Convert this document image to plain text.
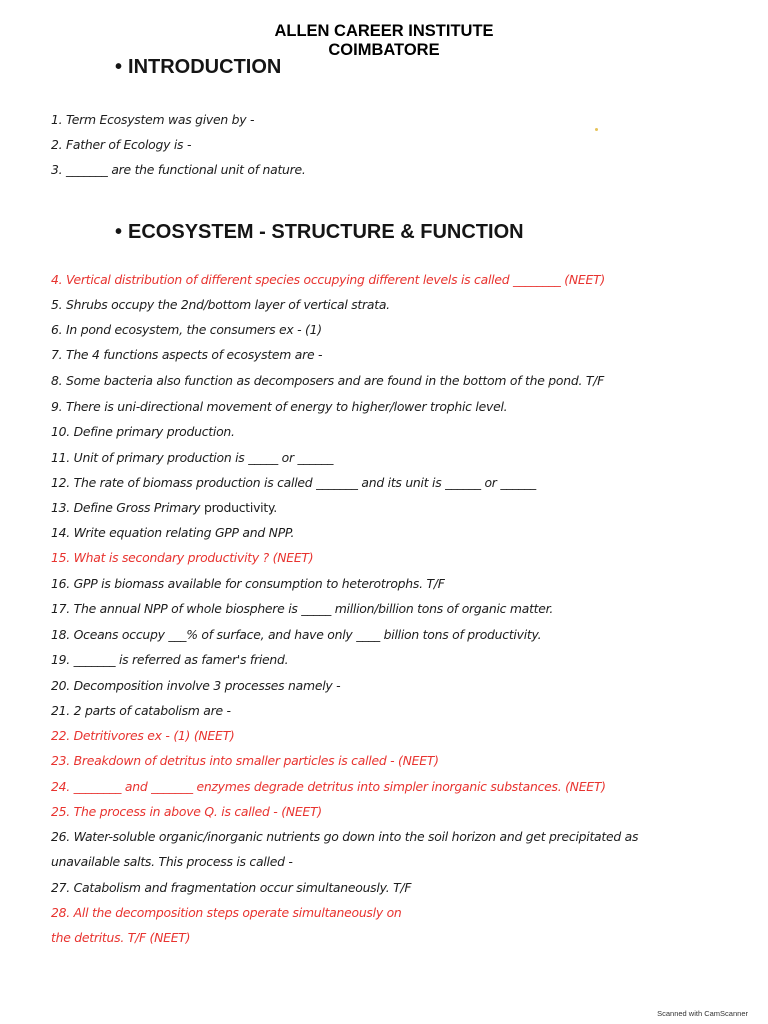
ALLEN CAREER INSTITUTE
COIMBATORE
• INTRODUCTION
1. Term Ecosystem was given by -
2. Father of Ecology is -
3. _______ are the functional unit of nature.
• ECOSYSTEM - STRUCTURE & FUNCTION
4. Vertical distribution of different species occupying different levels is called ________ (NEET)
5. Shrubs occupy the 2nd/bottom layer of vertical strata.
6. In pond ecosystem, the consumers ex - (1)
7. The 4 functions aspects of ecosystem are -
8. Some bacteria also function as decomposers and are found in the bottom of the pond. T/F
9. There is uni-directional movement of energy to higher/lower trophic level.
10. Define primary production.
11. Unit of primary production is _____ or ______
12. The rate of biomass production is called _______ and its unit is ______ or ______
13. Define Gross Primary productivity.
14. Write equation relating GPP and NPP.
15. What is secondary productivity ? (NEET)
16. GPP is biomass available for consumption to heterotrophs. T/F
17. The annual NPP of whole biosphere is _____ million/billion tons of organic matter.
18. Oceans occupy ___% of surface, and have only ____ billion tons of productivity.
19. _______ is referred as famer's friend.
20. Decomposition involve 3 processes namely -
21. 2 parts of catabolism are -
22. Detritivores ex - (1) (NEET)
23. Breakdown of detritus into smaller particles is called - (NEET)
24. ________ and _______ enzymes degrade detritus into simpler inorganic substances. (NEET)
25. The process in above Q. is called - (NEET)
26. Water-soluble organic/inorganic nutrients go down into the soil horizon and get precipitated as
unavailable salts. This process is called -
27. Catabolism and fragmentation occur simultaneously. T/F
28. All the decomposition steps operate simultaneously on
the detritus. T/F (NEET)
Scanned with CamScanner
